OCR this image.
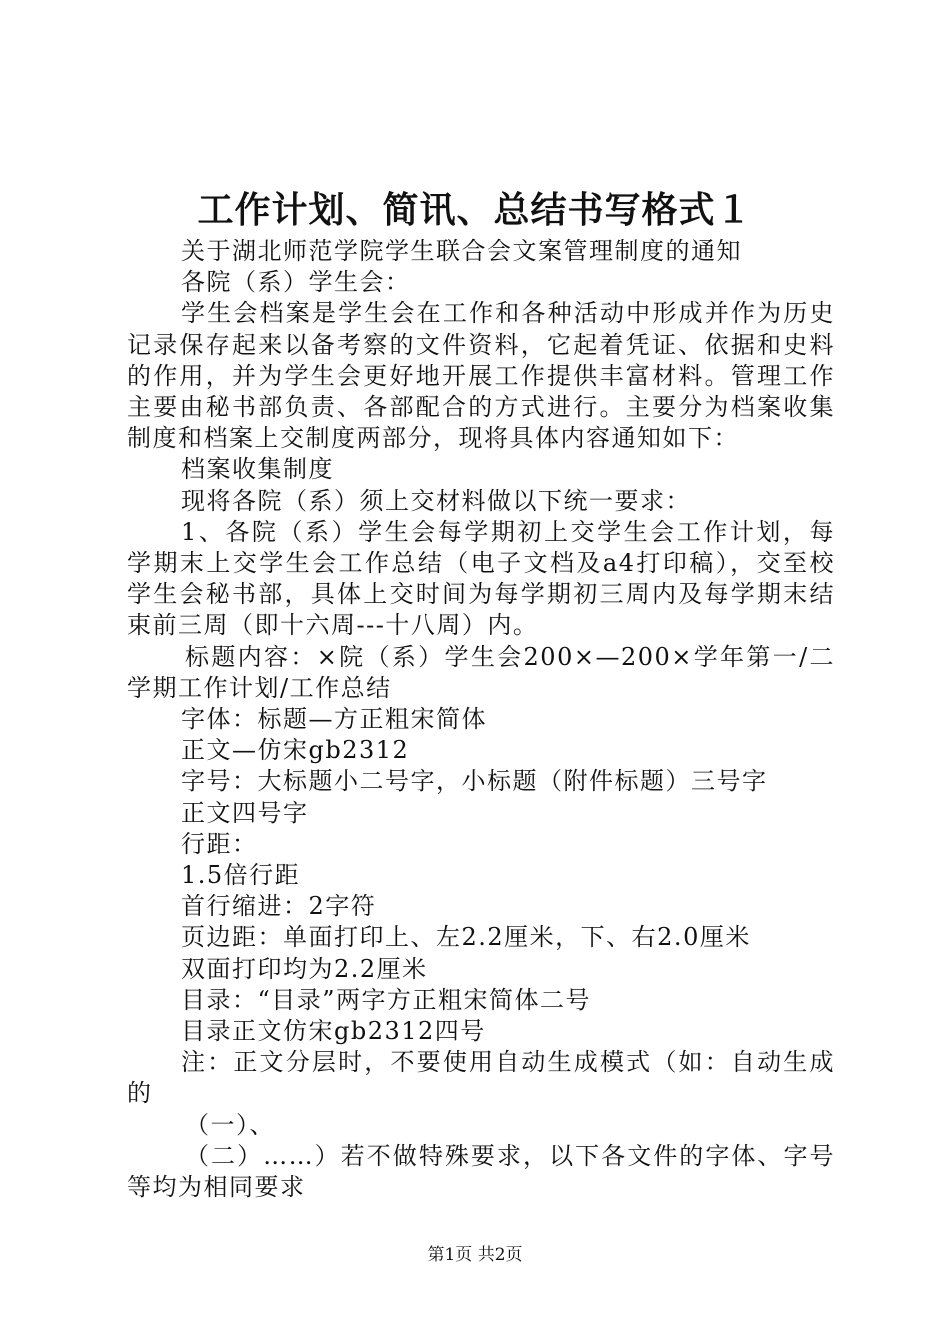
工作计划、简讯、总结书写格式１

关于湖北师范学院学生联合会文案管理制度的通知

各院（系）学生会：

学生会档案是学生会在工作和各种活动中形成并作为历史记录保存起来以备考察的文件资料，它起着凭证、依据和史料的作用，并为学生会更好地开展工作提供丰富材料。管理工作主要由秘书部负责、各部配合的方式进行。主要分为档案收集制度和档案上交制度两部分，现将具体内容通知如下：

档案收集制度

现将各院（系）须上交材料做以下统一要求：

1、各院（系）学生会每学期初上交学生会工作计划，每学期末上交学生会工作总结（电子文档及a4打印稿），交至校学生会秘书部，具体上交时间为每学期初三周内及每学期末结束前三周（即十六周---十八周）内。

标题内容：×院（系）学生会200×—200×学年第一/二学期工作计划/工作总结

字体：标题—方正粗宋简体

正文—仿宋gb2312

字号：大标题小二号字，小标题（附件标题）三号字

正文四号字

行距：

1.5倍行距

首行缩进：2字符

页边距：单面打印上、左2.2厘米，下、右2.0厘米

双面打印均为2.2厘米

目录：“目录”两字方正粗宋简体二号

目录正文仿宋gb2312四号

注：正文分层时，不要使用自动生成模式（如：自动生成的

（一）、

（二）……）若不做特殊要求，以下各文件的字体、字号等均为相同要求

第1页 共2页
